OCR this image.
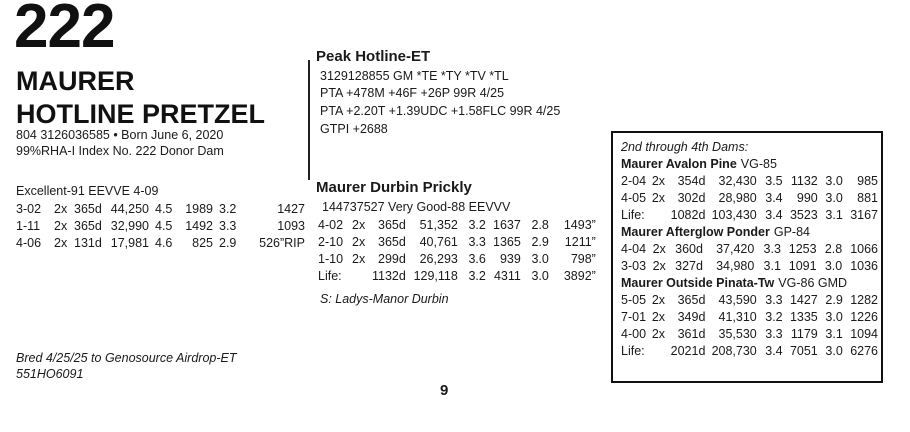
222
MAURER
HOTLINE PRETZEL
804 3126036585 • Born June 6, 2020
99%RHA-I Index No. 222 Donor Dam
Excellent-91 EEVVE 4-09
3-02	2x	365d	44,250	4.5	1989	3.2	1427
1-11	2x	365d	32,990	4.5	1492	3.3	1093
4-06	2x	131d	17,981	4.6	825	2.9	526”RIP
Bred 4/25/25 to Genosource Airdrop-ET
551HO6091
Peak Hotline-ET
3129128855 GM *TE *TY *TV *TL
PTA +478M +46F +26P 99R 4/25
PTA +2.20T +1.39UDC +1.58FLC 99R 4/25
GTPI +2688
Maurer Durbin Prickly
144737527 Very Good-88 EEVVV
4-02	2x	365d	51,352	3.2	1637	2.8	1493”
2-10	2x	365d	40,761	3.3	1365	2.9	1211”
1-10	2x	299d	26,293	3.6	939	3.0	798”
Life:		1132d	129,118	3.2	4311	3.0	3892”
S: Ladys-Manor Durbin
2nd through 4th Dams:
Maurer Avalon Pine VG-85
2-04	2x	354d	32,430	3.5	1132	3.0	985
4-05	2x	302d	28,980	3.4	990	3.0	881
Life:		1082d	103,430	3.4	3523	3.1	3167
Maurer Afterglow Ponder GP-84
4-04	2x	360d	37,420	3.3	1253	2.8	1066
3-03	2x	327d	34,980	3.1	1091	3.0	1036
Maurer Outside Pinata-Tw VG-86 GMD
5-05	2x	365d	43,590	3.3	1427	2.9	1282
7-01	2x	349d	41,310	3.2	1335	3.0	1226
4-00	2x	361d	35,530	3.3	1179	3.1	1094
Life:		2021d	208,730	3.4	7051	3.0	6276
9
